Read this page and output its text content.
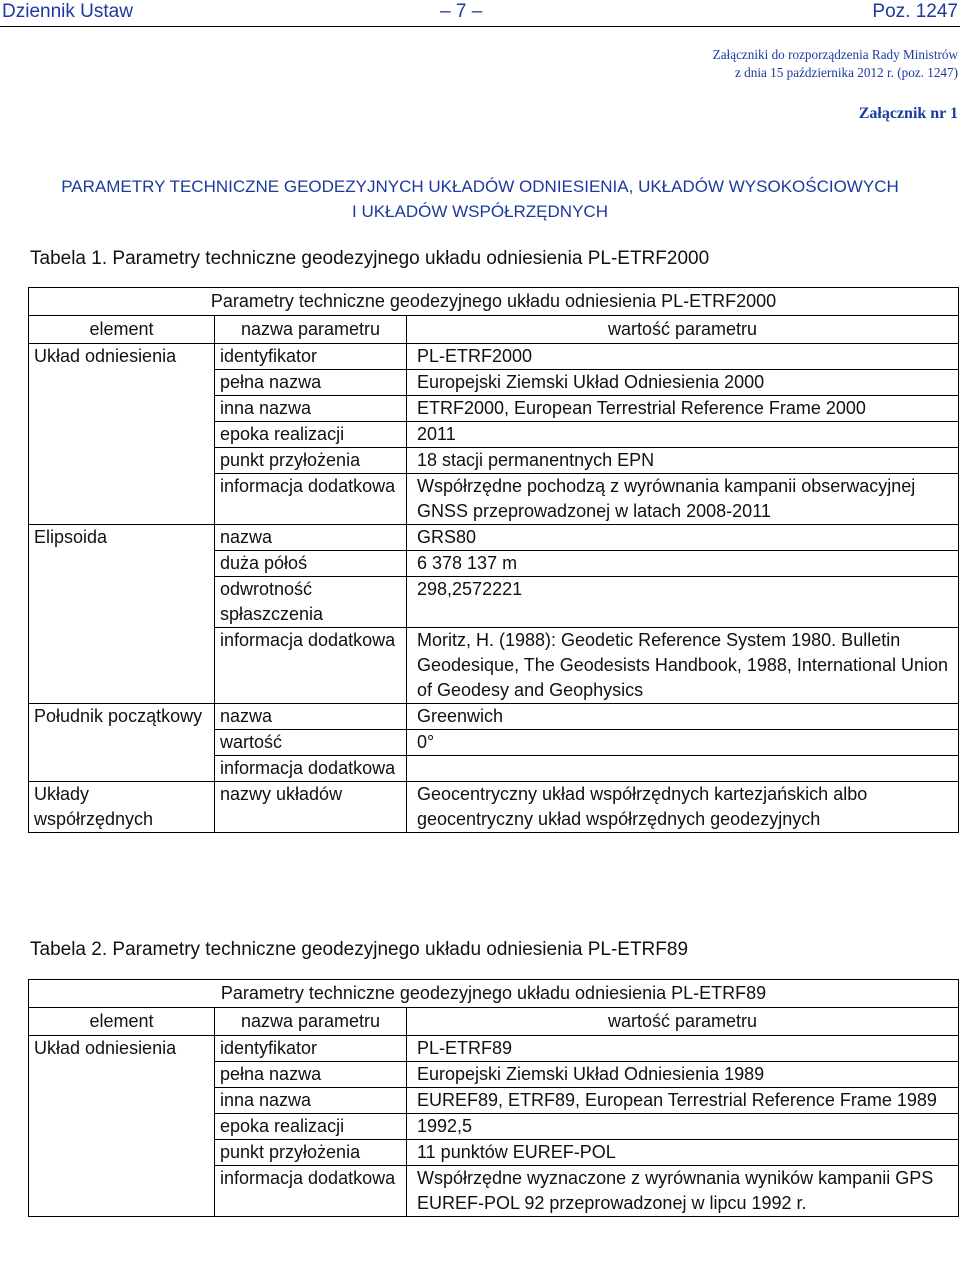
Dziennik Ustaw	– 7 –	Poz. 1247
Załączniki do rozporządzenia Rady Ministrów
z dnia 15 października 2012 r. (poz. 1247)
Załącznik nr 1
PARAMETRY TECHNICZNE GEODEZYJNYCH UKŁADÓW ODNIESIENIA, UKŁADÓW WYSOKOŚCIOWYCH
I UKŁADÓW WSPÓŁRZĘDNYCH
Tabela 1. Parametry techniczne geodezyjnego układu odniesienia PL-ETRF2000
Parametry techniczne geodezyjnego układu odniesienia PL-ETRF2000		
element	nazwa parametru	wartość parametru
Układ odniesienia	identyfikator	PL-ETRF2000
	pełna nazwa	Europejski Ziemski Układ Odniesienia 2000
	inna nazwa	ETRF2000, European Terrestrial Reference Frame 2000
	epoka realizacji	2011
	punkt przyłożenia	18 stacji permanentnych EPN
	informacja dodatkowa	Współrzędne pochodzą z wyrównania kampanii obserwacyjnej GNSS przeprowadzonej w latach 2008-2011
Elipsoida	nazwa	GRS80
	duża półoś	6 378 137 m
	odwrotność spłaszczenia	298,2572221
	informacja dodatkowa	Moritz, H. (1988): Geodetic Reference System 1980. Bulletin Geodesique, The Geodesists Handbook, 1988, International Union of Geodesy and Geophysics
Południk początkowy	nazwa	Greenwich
	wartość	0°
	informacja dodatkowa	
Układy współrzędnych	nazwy układów	Geocentryczny układ współrzędnych kartezjańskich albo geocentryczny układ współrzędnych geodezyjnych
Tabela 2. Parametry techniczne geodezyjnego układu odniesienia PL-ETRF89
Parametry techniczne geodezyjnego układu odniesienia PL-ETRF89		
element	nazwa parametru	wartość parametru
Układ odniesienia	identyfikator	PL-ETRF89
	pełna nazwa	Europejski Ziemski Układ Odniesienia 1989
	inna nazwa	EUREF89, ETRF89, European Terrestrial Reference Frame 1989
	epoka realizacji	1992,5
	punkt przyłożenia	11 punktów EUREF-POL
	informacja dodatkowa	Współrzędne wyznaczone z wyrównania wyników kampanii GPS EUREF-POL 92 przeprowadzonej w lipcu 1992 r.
